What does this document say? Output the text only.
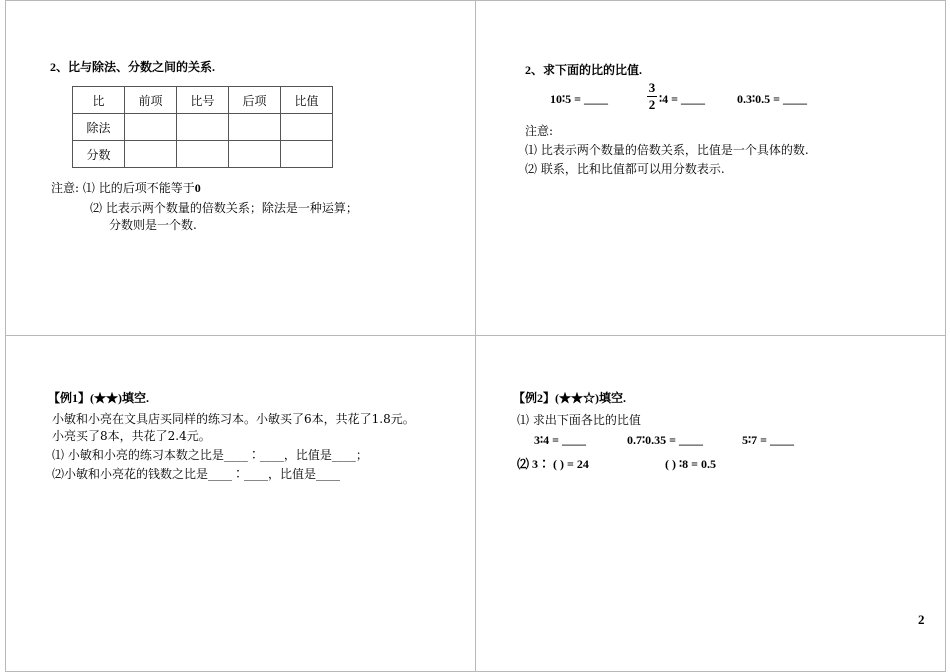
2、比与除法、分数之间的关系.
比	前项	比号	后项	比值
除法				
分数				
注意: ⑴ 比的后项不能等于0
⑵ 比表示两个数量的倍数关系；除法是一种运算；
分数则是一个数.
2、求下面的比的比值.
10∶5 = ____
3
2 ∶4 = ____	0.3∶0.5 = ____
注意:
⑴ 比表示两个数量的倍数关系，比值是一个具体的数.
⑵ 联系，比和比值都可以用分数表示.
【例1】(★★)填空.
小敏和小亮在文具店买同样的练习本。小敏买了6本，共花了1.8元。
小亮买了8本，共花了2.4元。
⑴ 小敏和小亮的练习本数之比是____∶____，比值是____；
⑵小敏和小亮花的钱数之比是____∶____，比值是____
【例2】(★★☆)填空.
⑴ 求出下面各比的比值
3∶4 = ____	0.7∶0.35 = ____	5∶7 = ____
⑵ 3∶ ( ) = 24	( ) ∶8 = 0.5
2
